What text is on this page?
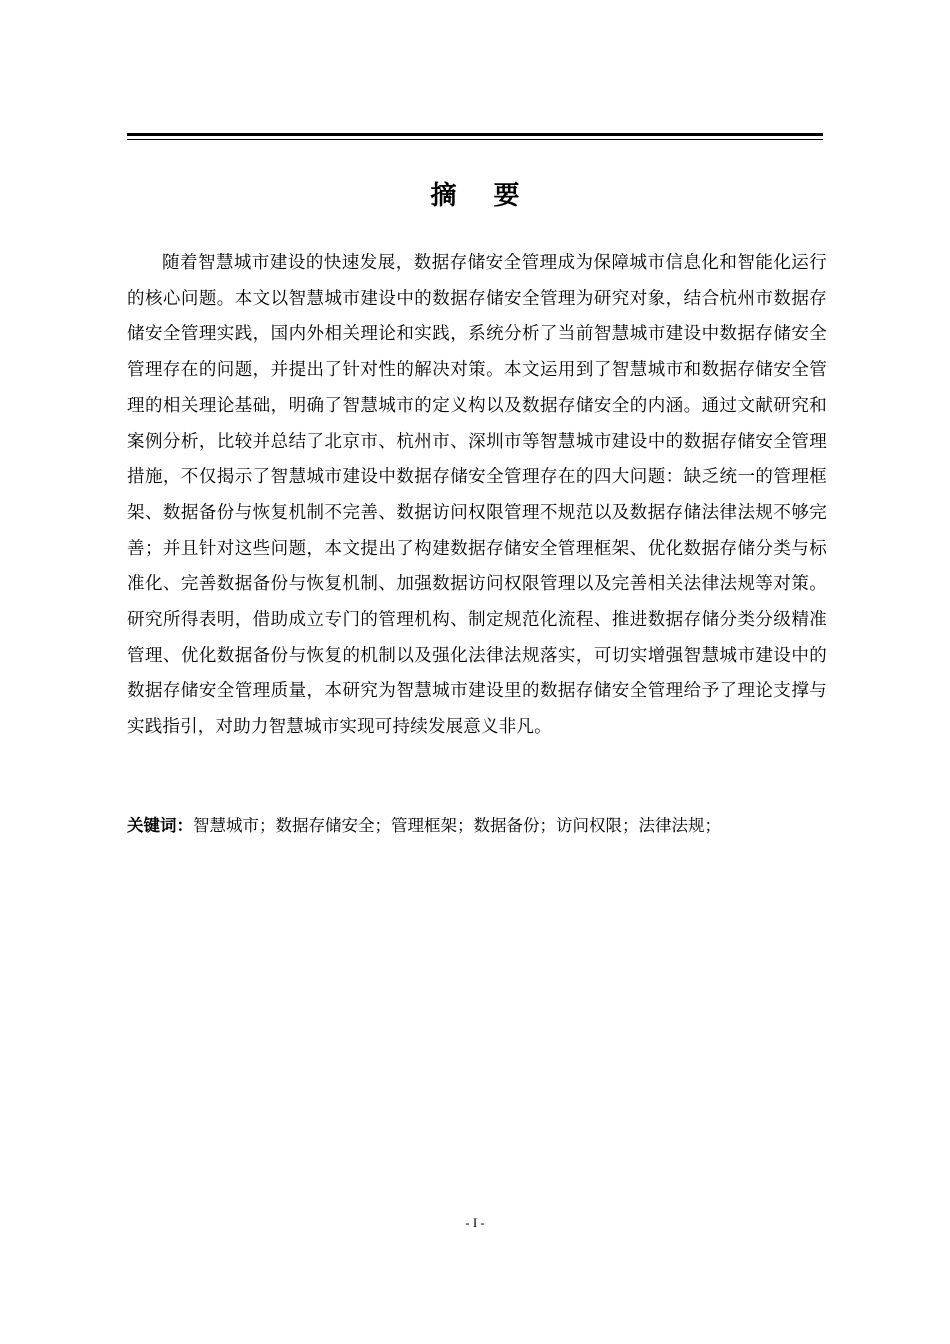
摘 要

随着智慧城市建设的快速发展，数据存储安全管理成为保障城市信息化和智能化运行的核心问题。本文以智慧城市建设中的数据存储安全管理为研究对象，结合杭州市数据存储安全管理实践，国内外相关理论和实践，系统分析了当前智慧城市建设中数据存储安全管理存在的问题，并提出了针对性的解决对策。本文运用到了智慧城市和数据存储安全管理的相关理论基础，明确了智慧城市的定义构以及数据存储安全的内涵。通过文献研究和案例分析，比较并总结了北京市、杭州市、深圳市等智慧城市建设中的数据存储安全管理措施，不仅揭示了智慧城市建设中数据存储安全管理存在的四大问题：缺乏统一的管理框架、数据备份与恢复机制不完善、数据访问权限管理不规范以及数据存储法律法规不够完善；并且针对这些问题，本文提出了构建数据存储安全管理框架、优化数据存储分类与标准化、完善数据备份与恢复机制、加强数据访问权限管理以及完善相关法律法规等对策。研究所得表明，借助成立专门的管理机构、制定规范化流程、推进数据存储分类分级精准管理、优化数据备份与恢复的机制以及强化法律法规落实，可切实增强智慧城市建设中的数据存储安全管理质量，本研究为智慧城市建设里的数据存储安全管理给予了理论支撑与实践指引，对助力智慧城市实现可持续发展意义非凡。

关键词：智慧城市；数据存储安全；管理框架；数据备份；访问权限；法律法规；

- I -
